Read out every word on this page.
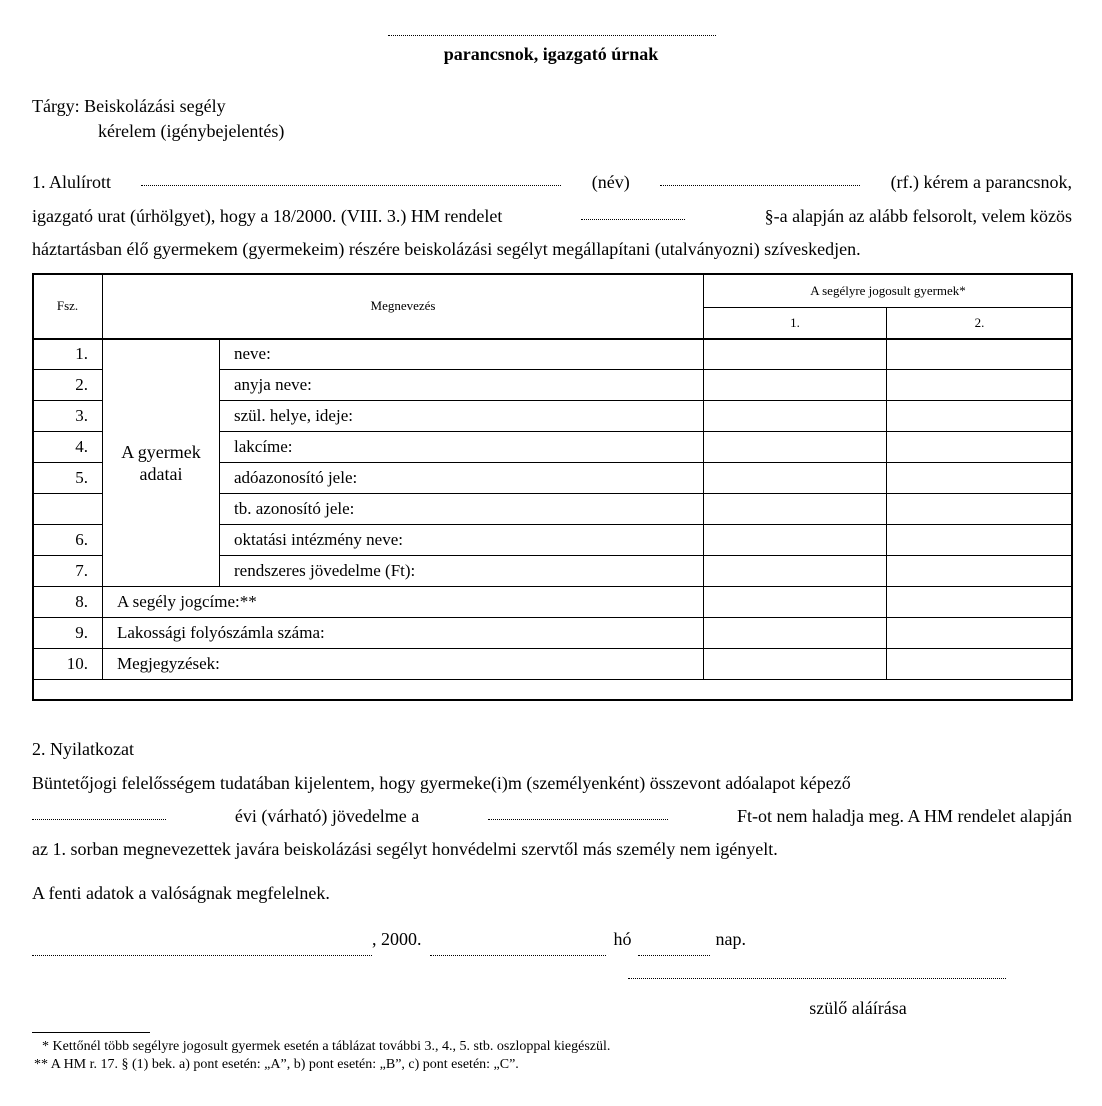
parancsnok, igazgató úrnak
Tárgy: Beiskolázási segély
kérelem (igénybejelentés)
1. Alulírott	(név)	(rf.) kérem a parancsnok,
igazgató urat (úrhölgyet), hogy a 18/2000. (VIII. 3.) HM rendelet	§-a alapján az alább felsorolt, velem közös
háztartásban élő gyermekem (gyermekeim) részére beiskolázási segélyt megállapítani (utalványozni) szíveskedjen.
Fsz.	Megnevezés		A segélyre jogosult gyermek*	
			1.	2.
1.	A gyermek adatai	neve:		
2.		anyja neve:		
3.		szül. helye, ideje:		
4.		lakcíme:		
5.		adóazonosító jele:		
		tb. azonosító jele:		
6.		oktatási intézmény neve:		
7.		rendszeres jövedelme (Ft):		
8.	A segély jogcíme:**			
9.	Lakossági folyószámla száma:			
10.	Megjegyzések:			
2. Nyilatkozat
Büntetőjogi felelősségem tudatában kijelentem, hogy gyermeke(i)m (személyenként) összevont adóalapot képező
évi (várható) jövedelme a	Ft-ot nem haladja meg. A HM rendelet alapján
az 1. sorban megnevezettek javára beiskolázási segélyt honvédelmi szervtől más személy nem igényelt.
A fenti adatok a valóságnak megfelelnek.
, 2000.	hó	nap.
szülő aláírása
* Kettőnél több segélyre jogosult gyermek esetén a táblázat további 3., 4., 5. stb. oszloppal kiegészül.
** A HM r. 17. § (1) bek. a) pont esetén: „A”, b) pont esetén: „B”, c) pont esetén: „C”.
